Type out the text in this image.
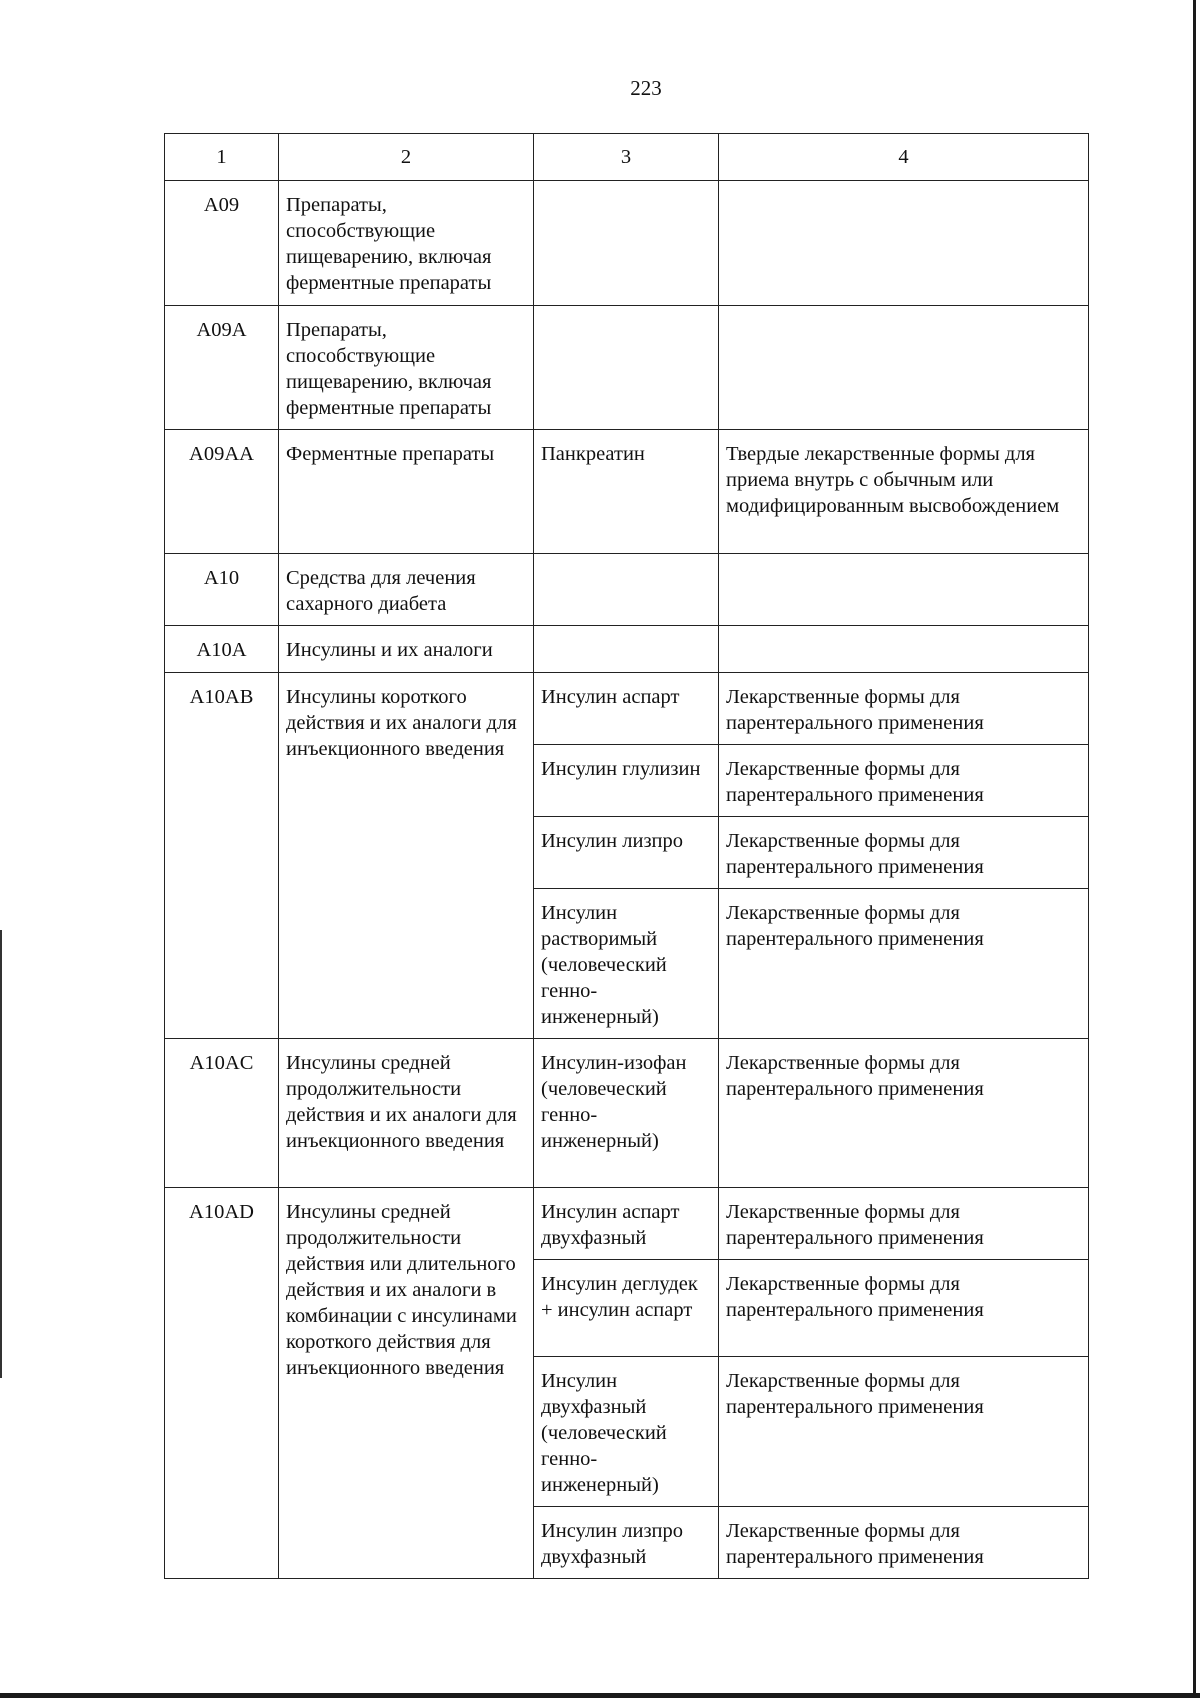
223
1	2	3	4
A09	Препараты, способствующие пищеварению, включая ферментные препараты		
A09A	Препараты, способствующие пищеварению, включая ферментные препараты		
A09AA	Ферментные препараты	Панкреатин	Твердые лекарственные формы для приема внутрь с обычным или модифицированным высвобождением
A10	Средства для лечения сахарного диабета		
A10A	Инсулины и их аналоги		
A10AB	Инсулины короткого действия и их аналоги для инъекционного введения	Инсулин аспарт	Лекарственные формы для парентерального применения
		Инсулин глулизин	Лекарственные формы для парентерального применения
		Инсулин лизпро	Лекарственные формы для парентерального применения
		Инсулин растворимый (человеческий генно-инженерный)	Лекарственные формы для парентерального применения
A10AC	Инсулины средней продолжительности действия и их аналоги для инъекционного введения	Инсулин-изофан (человеческий генно-инженерный)	Лекарственные формы для парентерального применения
A10AD	Инсулины средней продолжительности действия или длительного действия и их аналоги в комбинации с инсулинами короткого действия для инъекционного введения	Инсулин аспарт двухфазный	Лекарственные формы для парентерального применения
		Инсулин деглудек + инсулин аспарт	Лекарственные формы для парентерального применения
		Инсулин двухфазный (человеческий генно-инженерный)	Лекарственные формы для парентерального применения
		Инсулин лизпро двухфазный	Лекарственные формы для парентерального применения
